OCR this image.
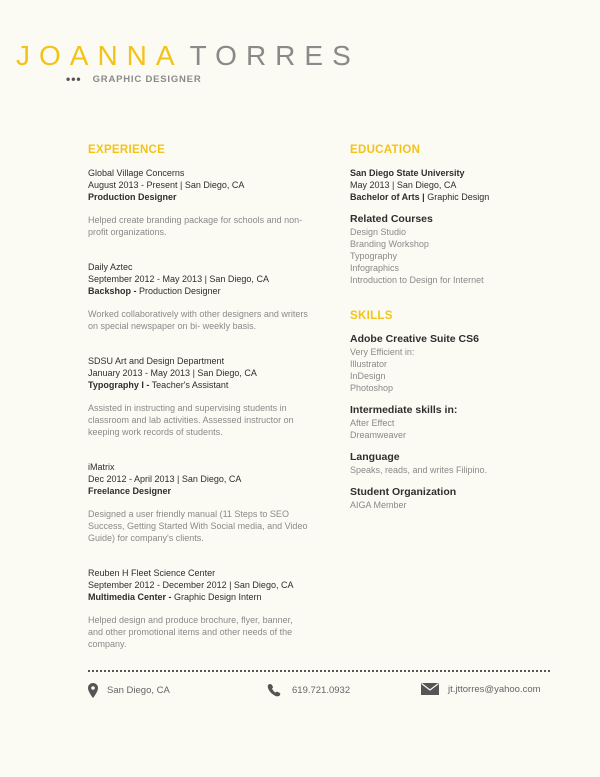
JOANNA TORRES
••• GRAPHIC DESIGNER
EXPERIENCE
Global Village Concerns
August 2013 - Present | San Diego, CA
Production Designer
Helped create branding package for schools and non-profit organizations.
Daily Aztec
September 2012 - May 2013 | San Diego, CA
Backshop - Production Designer
Worked collaboratively with other designers and writers on special newspaper on bi- weekly basis.
SDSU Art and Design Department
January 2013 - May 2013 | San Diego, CA
Typography I - Teacher's Assistant
Assisted in instructing and supervising students in classroom and lab activities. Assessed instructor on keeping work records of students.
iMatrix
Dec 2012 - April 2013 | San Diego, CA
Freelance Designer
Designed a user friendly manual (11 Steps to SEO Success, Getting Started With Social media, and Video Guide) for company's clients.
Reuben H Fleet Science Center
September 2012 - December 2012 | San Diego, CA
Multimedia Center - Graphic Design Intern
Helped design and produce brochure, flyer, banner, and other promotional items and other needs of the company.
EDUCATION
San Diego State University
May 2013 | San Diego, CA
Bachelor of Arts | Graphic Design
Related Courses
Design Studio
Branding Workshop
Typography
Infographics
Introduction to Design for Internet
SKILLS
Adobe Creative Suite CS6
Very Efficient in:
Illustrator
InDesign
Photoshop
Intermediate skills in:
After Effect
Dreamweaver
Language
Speaks, reads, and writes Filipino.
Student Organization
AIGA Member
San Diego, CA	619.721.0932	jt.jttorres@yahoo.com
